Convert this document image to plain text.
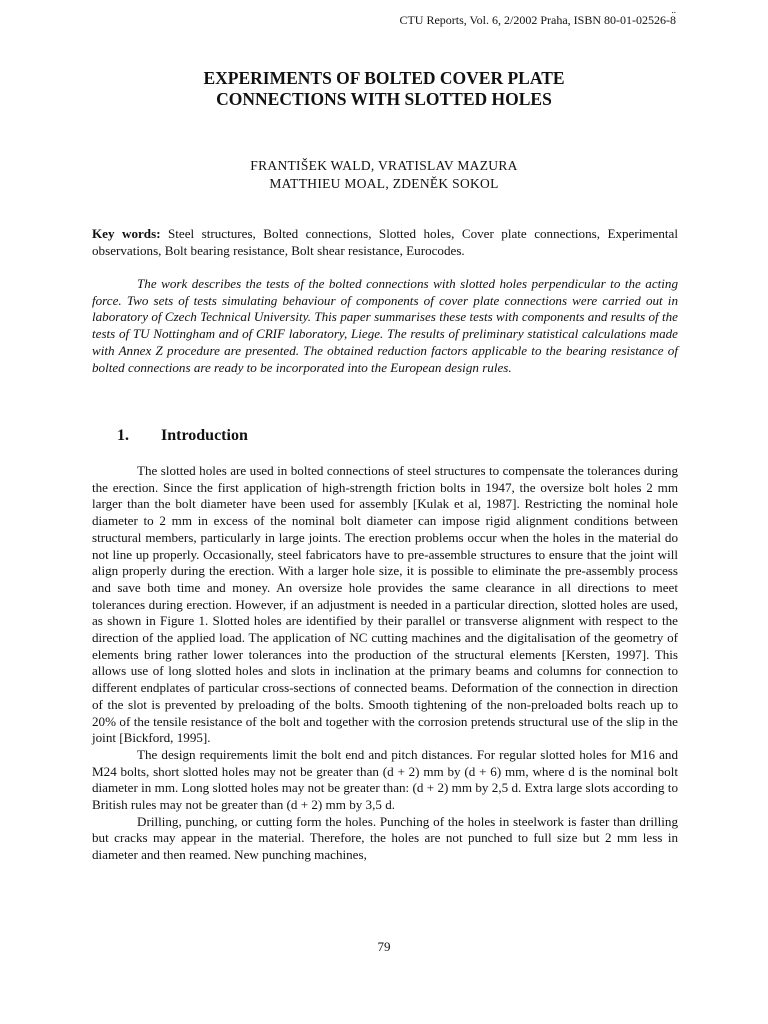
..
CTU Reports, Vol. 6, 2/2002 Praha, ISBN 80-01-02526-8
EXPERIMENTS OF BOLTED COVER PLATE
CONNECTIONS WITH SLOTTED HOLES
FRANTIŠEK WALD, VRATISLAV MAZURA
MATTHIEU MOAL, ZDENĚK SOKOL
Key words: Steel structures, Bolted connections, Slotted holes, Cover plate connections, Experimental observations, Bolt bearing resistance, Bolt shear resistance, Eurocodes.
The work describes the tests of the bolted connections with slotted holes perpendicular to the acting force. Two sets of tests simulating behaviour of components of cover plate connections were carried out in laboratory of Czech Technical University. This paper summarises these tests with components and results of the tests of TU Nottingham and of CRIF laboratory, Liege. The results of preliminary statistical calculations made with Annex Z procedure are presented. The obtained reduction factors applicable to the bearing resistance of bolted connections are ready to be incorporated into the European design rules.
1. Introduction

The slotted holes are used in bolted connections of steel structures to compensate the tolerances during the erection. Since the first application of high-strength friction bolts in 1947, the oversize bolt holes 2 mm larger than the bolt diameter have been used for assembly [Kulak et al, 1987]. Restricting the nominal hole diameter to 2 mm in excess of the nominal bolt diameter can impose rigid alignment conditions between structural members, particularly in large joints. The erection problems occur when the holes in the material do not line up properly. Occasionally, steel fabricators have to pre-assemble structures to ensure that the joint will align properly during the erection. With a larger hole size, it is possible to eliminate the pre-assembly process and save both time and money. An oversize hole provides the same clearance in all directions to meet tolerances during erection. However, if an adjustment is needed in a particular direction, slotted holes are used, as shown in Figure 1. Slotted holes are identified by their parallel or transverse alignment with respect to the direction of the applied load. The application of NC cutting machines and the digitalisation of the geometry of elements bring rather lower tolerances into the production of the structural elements [Kersten, 1997]. This allows use of long slotted holes and slots in inclination at the primary beams and columns for connection to different endplates of particular cross-sections of connected beams. Deformation of the connection in direction of the slot is prevented by preloading of the bolts. Smooth tightening of the non-preloaded bolts reach up to 20% of the tensile resistance of the bolt and together with the corrosion pretends structural use of the slip in the joint [Bickford, 1995].

The design requirements limit the bolt end and pitch distances. For regular slotted holes for M16 and M24 bolts, short slotted holes may not be greater than (d + 2) mm by (d + 6) mm, where d is the nominal bolt diameter in mm. Long slotted holes may not be greater than: (d + 2) mm by 2,5 d. Extra large slots according to British rules may not be greater than (d + 2) mm by 3,5 d.

Drilling, punching, or cutting form the holes. Punching of the holes in steelwork is faster than drilling but cracks may appear in the material. Therefore, the holes are not punched to full size but 2 mm less in diameter and then reamed. New punching machines,

79
